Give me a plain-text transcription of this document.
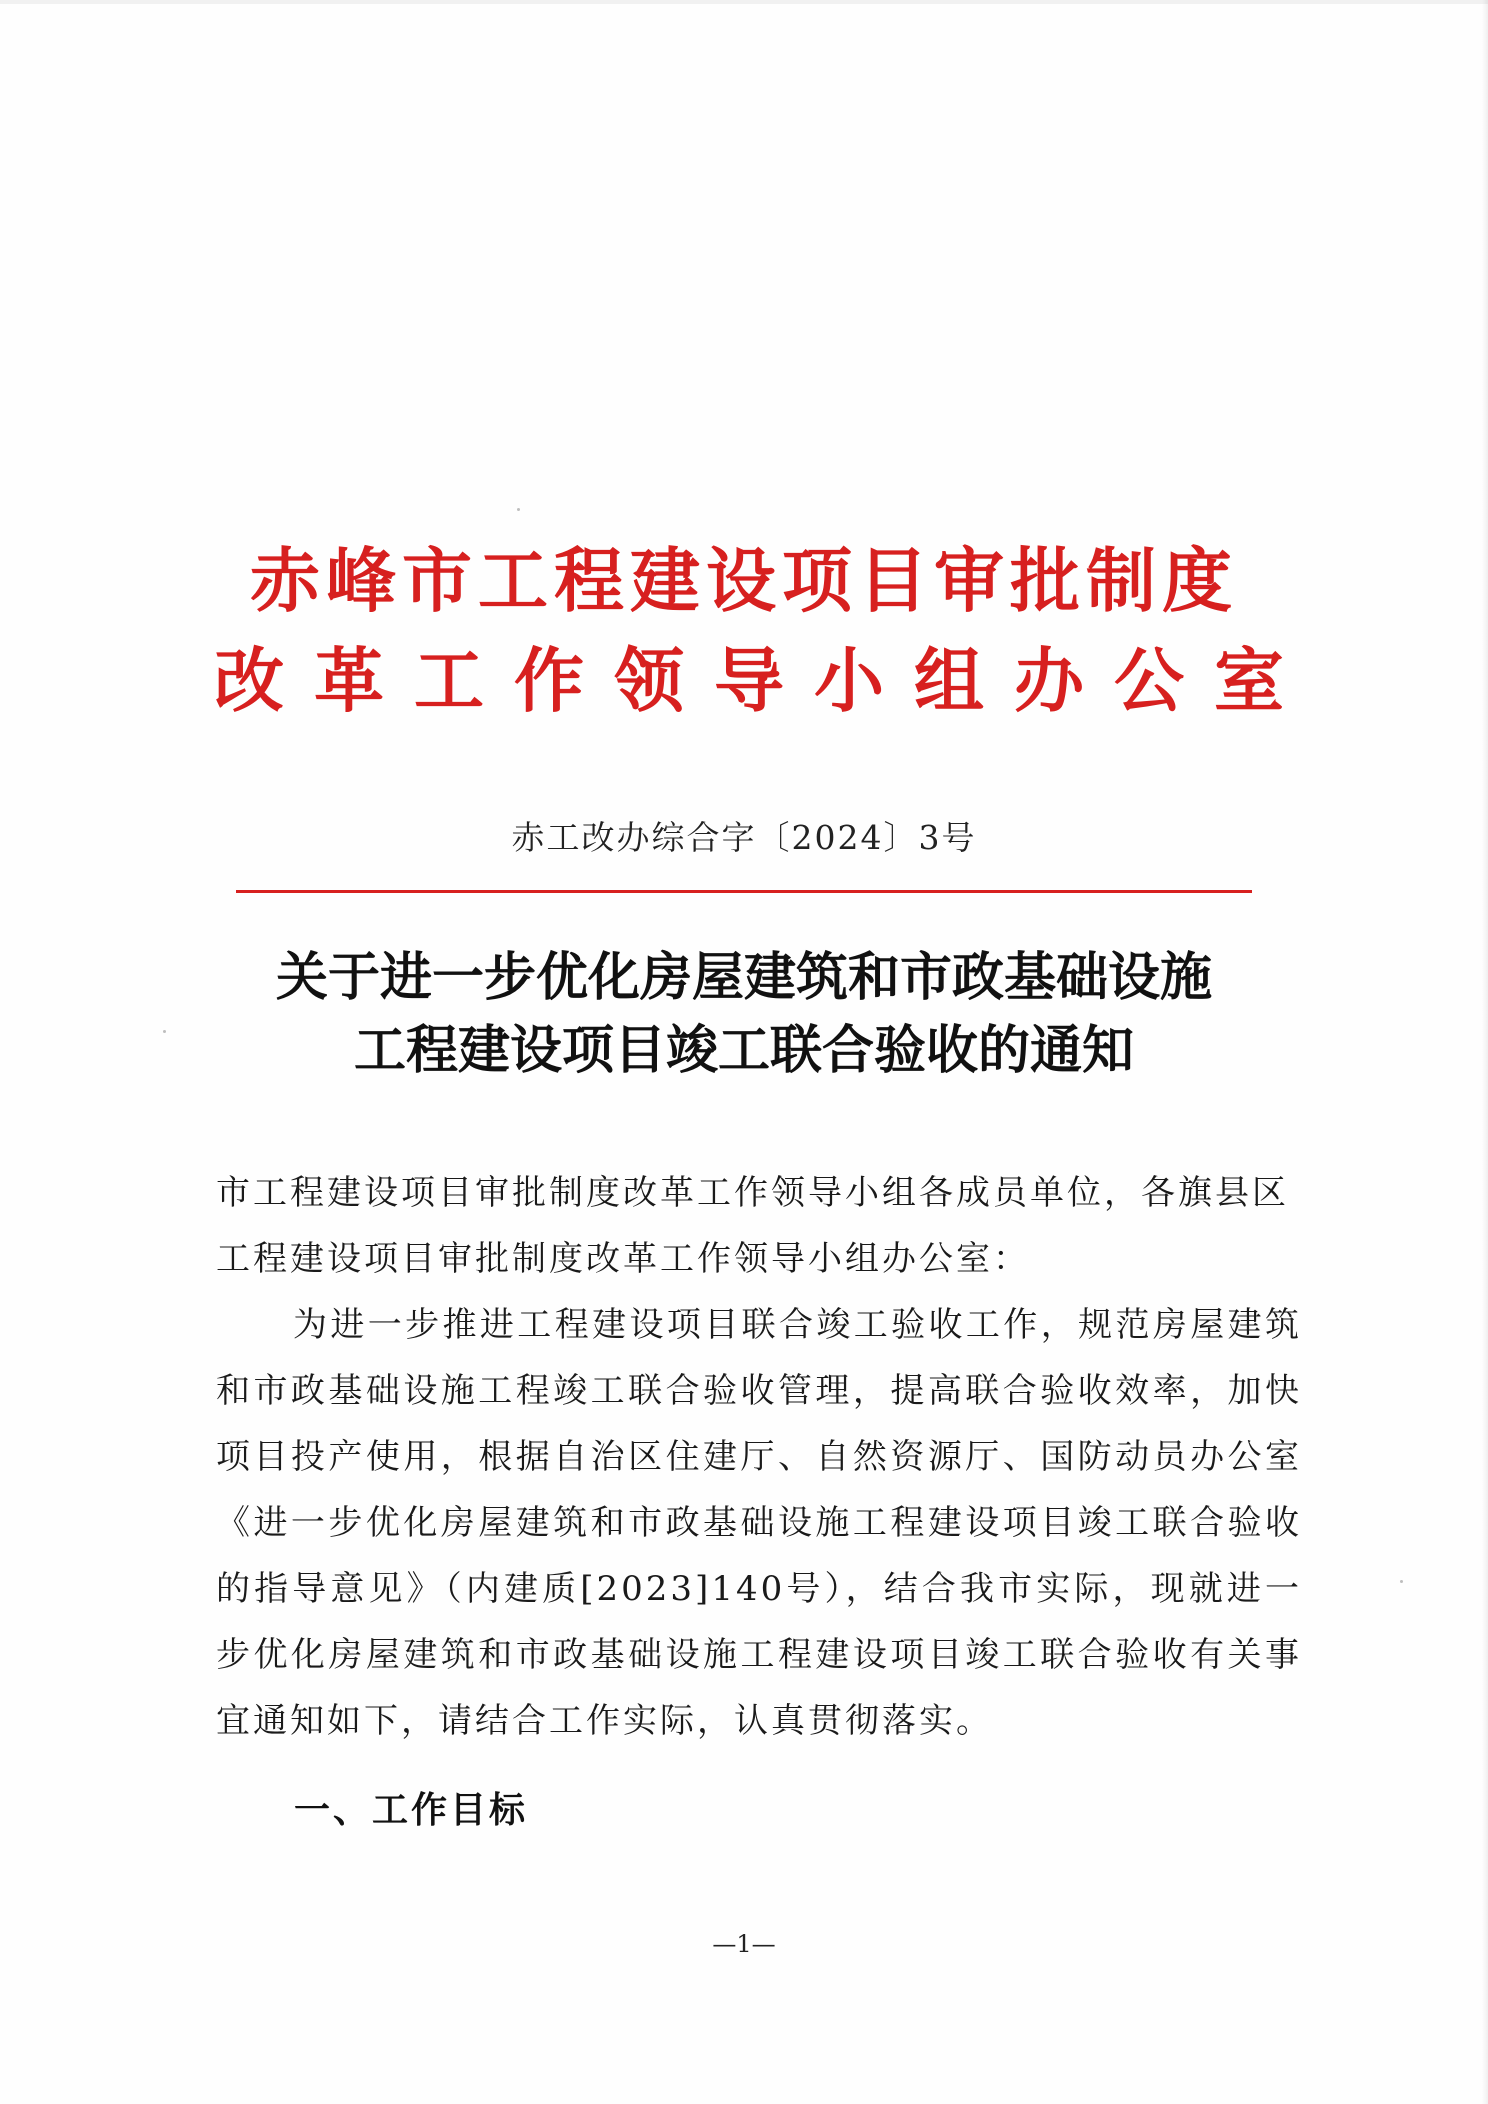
赤峰市工程建设项目审批制度
改革工作领导小组办公室
赤工改办综合字〔2024〕3号
关于进一步优化房屋建筑和市政基础设施
工程建设项目竣工联合验收的通知
市工程建设项目审批制度改革工作领导小组各成员单位，各旗县区工程建设项目审批制度改革工作领导小组办公室：
为进一步推进工程建设项目联合竣工验收工作，规范房屋建筑和市政基础设施工程竣工联合验收管理，提高联合验收效率，加快项目投产使用，根据自治区住建厅、自然资源厅、国防动员办公室《进一步优化房屋建筑和市政基础设施工程建设项目竣工联合验收的指导意见》（内建质[2023]140号），结合我市实际，现就进一步优化房屋建筑和市政基础设施工程建设项目竣工联合验收有关事宜通知如下，请结合工作实际，认真贯彻落实。
一、工作目标
—1—
